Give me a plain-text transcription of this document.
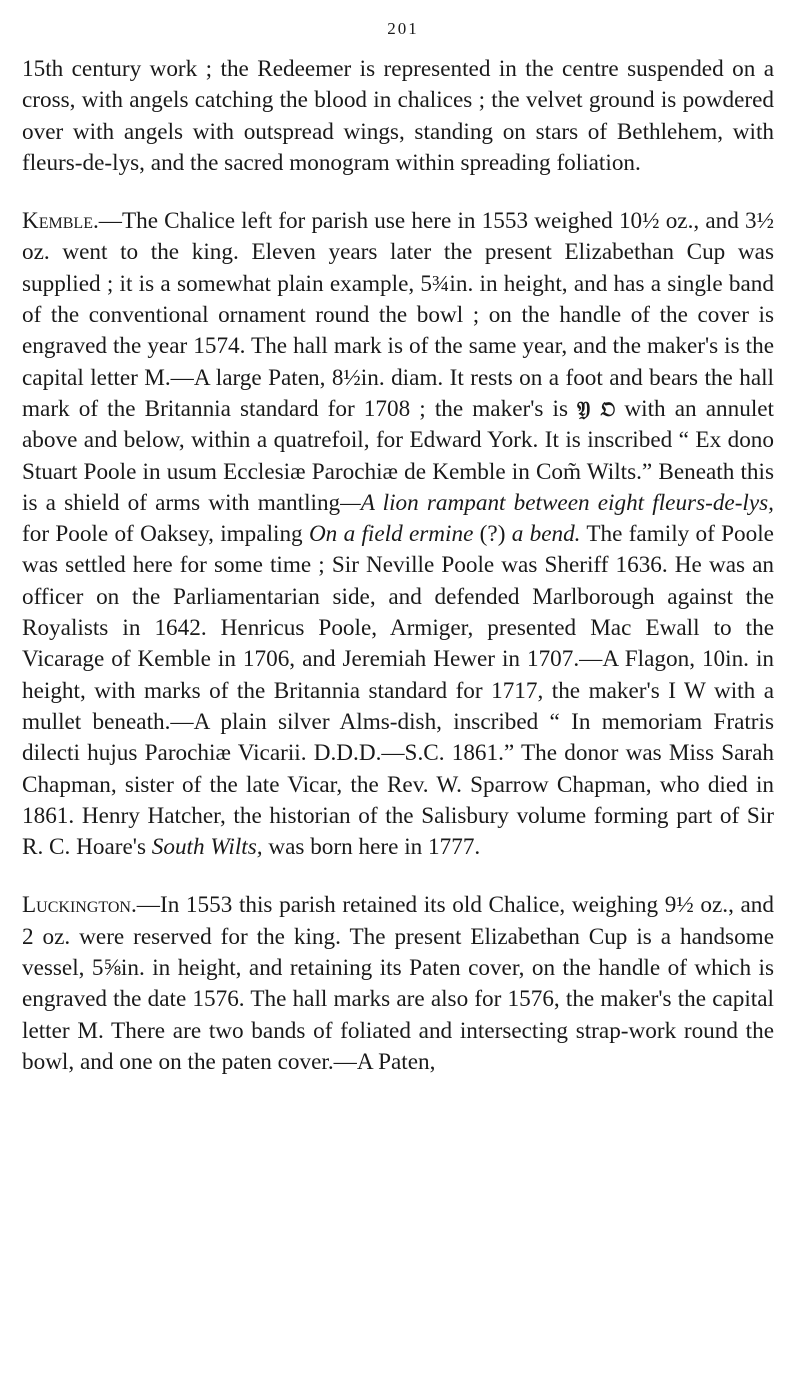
201

15th century work ; the Redeemer is represented in the centre suspended on a cross, with angels catching the blood in chalices ; the velvet ground is powdered over with angels with outspread wings, standing on stars of Bethlehem, with fleurs-de-lys, and the sacred monogram within spreading foliation.

Kemble.—The Chalice left for parish use here in 1553 weighed 10½ oz., and 3½ oz. went to the king. Eleven years later the present Elizabethan Cup was supplied ; it is a somewhat plain example, 5¾in. in height, and has a single band of the conventional ornament round the bowl ; on the handle of the cover is engraved the year 1574. The hall mark is of the same year, and the maker's is the capital letter M.—A large Paten, 8½in. diam. It rests on a foot and bears the hall mark of the Britannia standard for 1708 ; the maker's is 𝔜 𝔒 with an annulet above and below, within a quatrefoil, for Edward York. It is inscribed “ Ex dono Stuart Poole in usum Ecclesiæ Parochiæ de Kemble in Com̃ Wilts.” Beneath this is a shield of arms with mantling—A lion rampant between eight fleurs-de-lys, for Poole of Oaksey, impaling On a field ermine (?) a bend. The family of Poole was settled here for some time ; Sir Neville Poole was Sheriff 1636. He was an officer on the Parliamentarian side, and defended Marlborough against the Royalists in 1642. Henricus Poole, Armiger, presented Mac Ewall to the Vicarage of Kemble in 1706, and Jeremiah Hewer in 1707.—A Flagon, 10in. in height, with marks of the Britannia standard for 1717, the maker's I W with a mullet beneath.—A plain silver Alms-dish, inscribed “ In memoriam Fratris dilecti hujus Parochiæ Vicarii. D.D.D.—S.C. 1861.” The donor was Miss Sarah Chapman, sister of the late Vicar, the Rev. W. Sparrow Chapman, who died in 1861. Henry Hatcher, the historian of the Salisbury volume forming part of Sir R. C. Hoare's South Wilts, was born here in 1777.

Luckington.—In 1553 this parish retained its old Chalice, weighing 9½ oz., and 2 oz. were reserved for the king. The present Elizabethan Cup is a handsome vessel, 5⅝in. in height, and retaining its Paten cover, on the handle of which is engraved the date 1576. The hall marks are also for 1576, the maker's the capital letter M. There are two bands of foliated and intersecting strap-work round the bowl, and one on the paten cover.—A Paten,
